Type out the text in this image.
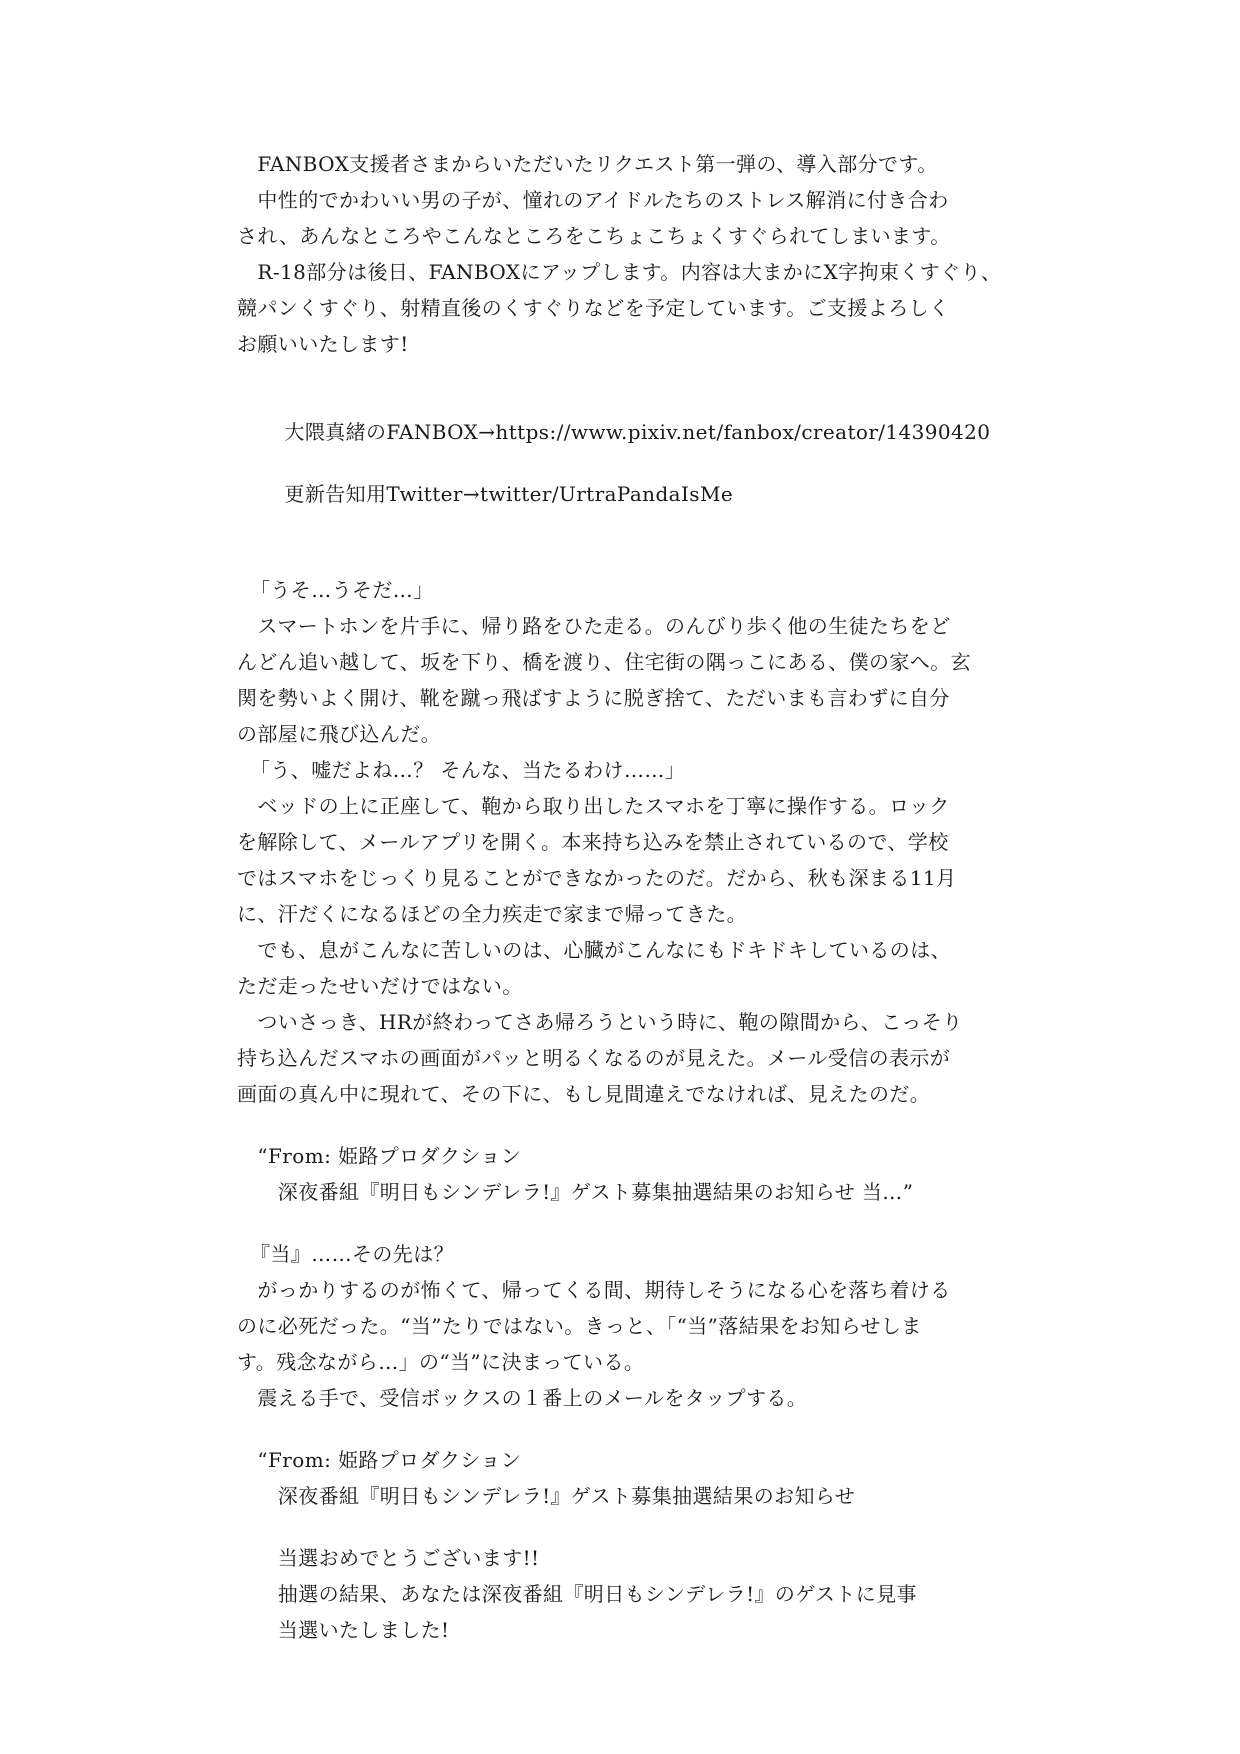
　FANBOX支援者さまからいただいたリクエスト第一弾の、導入部分です。
　中性的でかわいい男の子が、憧れのアイドルたちのストレス解消に付き合わ
され、あんなところやこんなところをこちょこちょくすぐられてしまいます。
　R-18部分は後日、FANBOXにアップします。内容は大まかにX字拘束くすぐり、
競パンくすぐり、射精直後のくすぐりなどを予定しています。ご支援よろしく
お願いいたします!

　大隈真緒のFANBOX→https://www.pixiv.net/fanbox/creator/14390420

　更新告知用Twitter→twitter/UrtraPandaIsMe

「うそ…うそだ…」
　スマートホンを片手に、帰り路をひた走る。のんびり歩く他の生徒たちをど
んどん追い越して、坂を下り、橋を渡り、住宅街の隅っこにある、僕の家へ。玄
関を勢いよく開け、靴を蹴っ飛ばすように脱ぎ捨て、ただいまも言わずに自分
の部屋に飛び込んだ。
「う、嘘だよね…？ そんな、当たるわけ……」
　ベッドの上に正座して、鞄から取り出したスマホを丁寧に操作する。ロック
を解除して、メールアプリを開く。本来持ち込みを禁止されているので、学校
ではスマホをじっくり見ることができなかったのだ。だから、秋も深まる11月
に、汗だくになるほどの全力疾走で家まで帰ってきた。
　でも、息がこんなに苦しいのは、心臓がこんなにもドキドキしているのは、
ただ走ったせいだけではない。
　ついさっき、HRが終わってさあ帰ろうという時に、鞄の隙間から、こっそり
持ち込んだスマホの画面がパッと明るくなるのが見えた。メール受信の表示が
画面の真ん中に現れて、その下に、もし見間違えでなければ、見えたのだ。
　“From: 姫路プロダクション
　　深夜番組『明日もシンデレラ!』ゲスト募集抽選結果のお知らせ 当…”
『当』……その先は？
　がっかりするのが怖くて、帰ってくる間、期待しそうになる心を落ち着ける
のに必死だった。“当”たりではない。きっと、「“当”落結果をお知らせしま
す。残念ながら…」の“当”に決まっている。
　震える手で、受信ボックスの１番上のメールをタップする。
　“From: 姫路プロダクション
　　深夜番組『明日もシンデレラ!』ゲスト募集抽選結果のお知らせ
　　当選おめでとうございます!!
　　抽選の結果、あなたは深夜番組『明日もシンデレラ!』のゲストに見事
　　当選いたしました!
